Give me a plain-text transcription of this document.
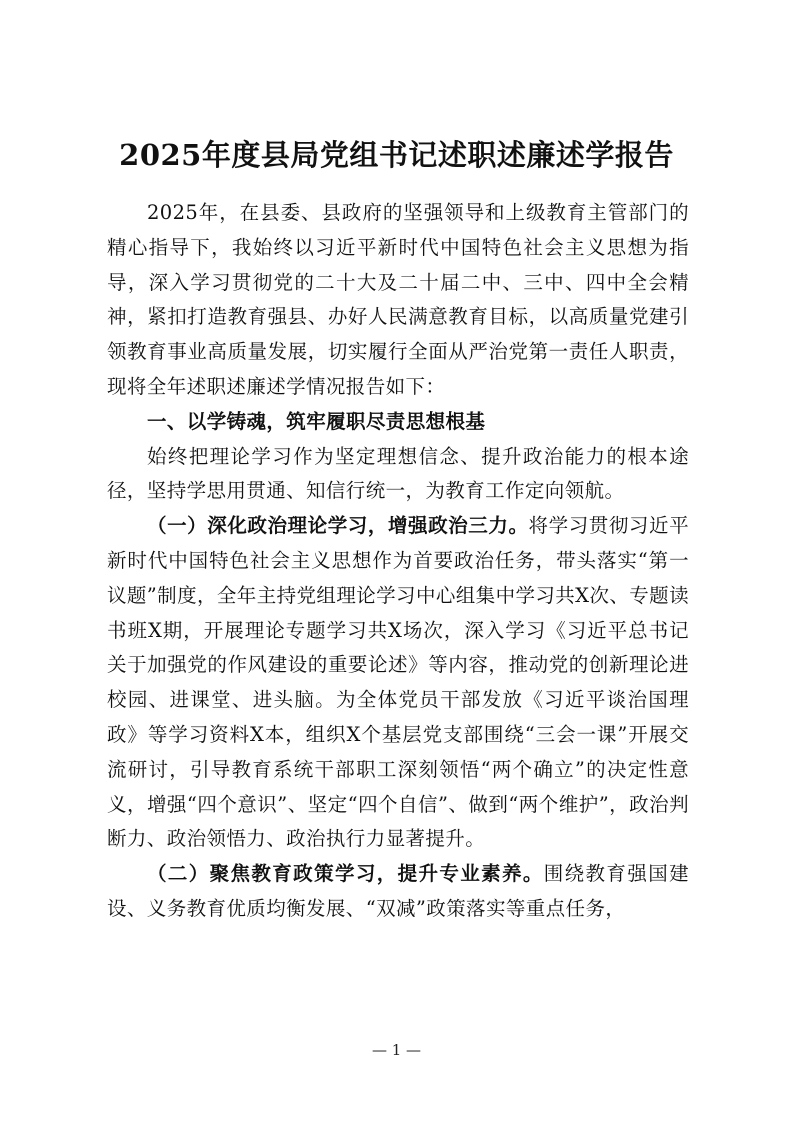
2025年度县局党组书记述职述廉述学报告

2025年，在县委、县政府的坚强领导和上级教育主管部门的精心指导下，我始终以习近平新时代中国特色社会主义思想为指导，深入学习贯彻党的二十大及二十届二中、三中、四中全会精神，紧扣打造教育强县、办好人民满意教育目标，以高质量党建引领教育事业高质量发展，切实履行全面从严治党第一责任人职责，现将全年述职述廉述学情况报告如下：

一、以学铸魂，筑牢履职尽责思想根基

始终把理论学习作为坚定理想信念、提升政治能力的根本途径，坚持学思用贯通、知信行统一，为教育工作定向领航。

（一）深化政治理论学习，增强政治三力。将学习贯彻习近平新时代中国特色社会主义思想作为首要政治任务，带头落实“第一议题”制度，全年主持党组理论学习中心组集中学习共X次、专题读书班X期，开展理论专题学习共X场次，深入学习《习近平总书记关于加强党的作风建设的重要论述》等内容，推动党的创新理论进校园、进课堂、进头脑。为全体党员干部发放《习近平谈治国理政》等学习资料X本，组织X个基层党支部围绕“三会一课”开展交流研讨，引导教育系统干部职工深刻领悟“两个确立”的决定性意义，增强“四个意识”、坚定“四个自信”、做到“两个维护”，政治判断力、政治领悟力、政治执行力显著提升。

（二）聚焦教育政策学习，提升专业素养。围绕教育强国建设、义务教育优质均衡发展、“双减”政策落实等重点任务，

— 1 —
